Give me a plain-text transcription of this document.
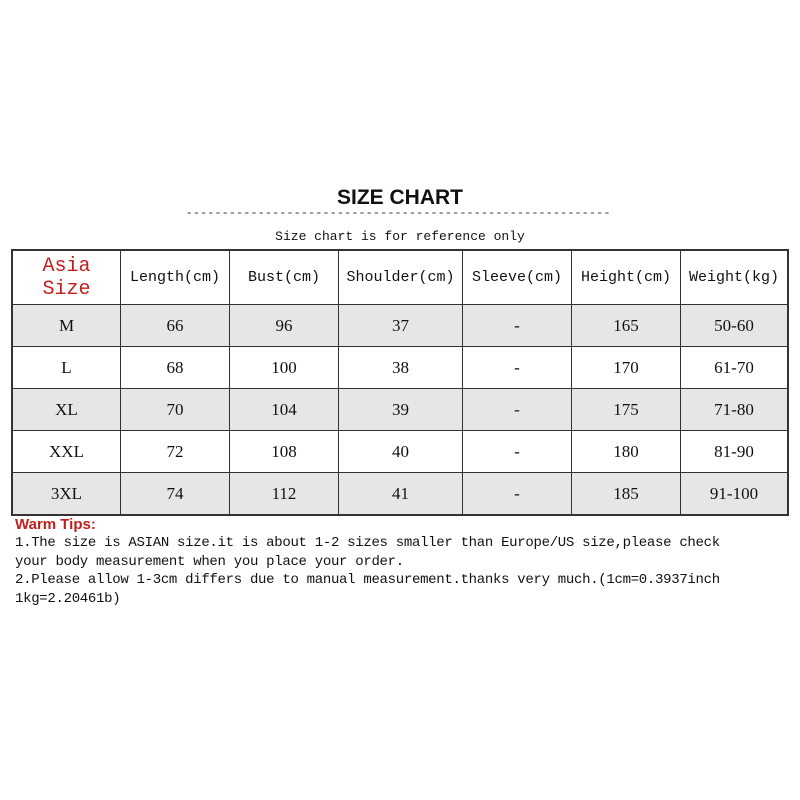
SIZE CHART
-----------------------------------------------------------
Size chart is for reference only
Asia Size	Length(cm)	Bust(cm)	Shoulder(cm)	Sleeve(cm)	Height(cm)	Weight(kg)
M	66	96	37	-	165	50-60
L	68	100	38	-	170	61-70
XL	70	104	39	-	175	71-80
XXL	72	108	40	-	180	81-90
3XL	74	112	41	-	185	91-100
Warm Tips:
1.The size is ASIAN size.it is about 1-2 sizes smaller than Europe/US size,please check
your body measurement when you place your order.
2.Please allow 1-3cm differs due to manual measurement.thanks very much.(1cm=0.3937inch
1kg=2.20461b)
